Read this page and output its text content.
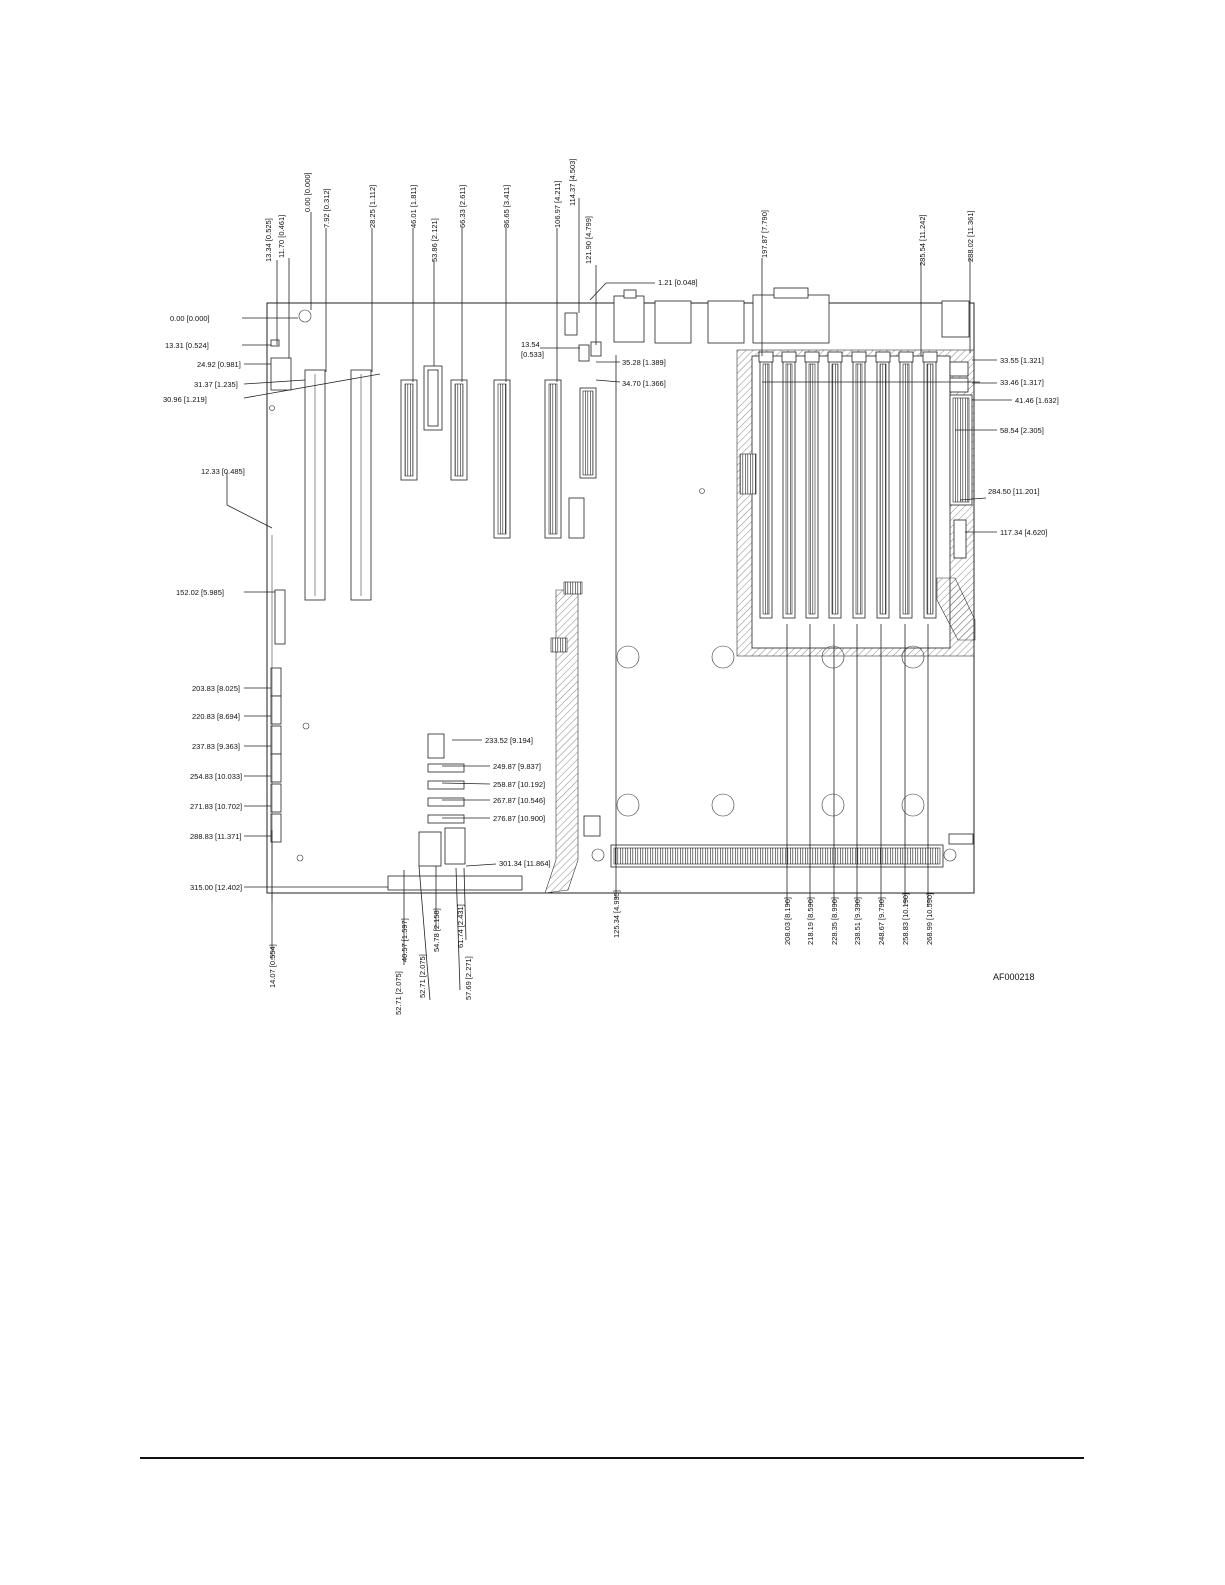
13.34 [0.525] 11.70 [0.461]
0.00 [0.000] 7.92 [0.312]	28.25 [1.112]	46.01 [1.811]
53.86 [2.121]
66.33 [2.611]	86.65 [3.411]	106.97 [4.211] 114.37 [4.503]
121.90 [4.799]	197.87 [7.790]	285.54 [11.242]	288.02 [11.361]
0.00 [0.000]
13.31 [0.524]
24.92 [0.981]
31.37 [1.235]
30.96 [1.219]
12.33 [0.485]
152.02 [5.985]
203.83 [8.025]
220.83 [8.694]
237.83 [9.363]
254.83 [10.033]
271.83 [10.702]
288.83 [11.371]
315.00 [12.402]
1.21 [0.048]
13.54
[0.533]
35.28 [1.389]
34.70 [1.366]
233.52 [9.194]
249.87 [9.837]
258.87 [10.192]
267.87 [10.546]
276.87 [10.900]
301.34 [11.864]
33.55 [1.321]
33.46 [1.317]
41.46 [1.632]
58.54 [2.305]
284.50 [11.201]
117.34 [4.620]
14.07 [0.554]
52.71 [2.075]
40.57 [1.597]
52.71 [2.075]
54.78 [2.158] 61.74 [2.431]
57.69 [2.271]
125.34 [4.935]	208.03 [8.190] 218.19 [8.590] 228.35 [8.990] 238.51 [9.390] 248.67 [9.790] 258.83 [10.190] 268.99 [10.590]
AF000218
